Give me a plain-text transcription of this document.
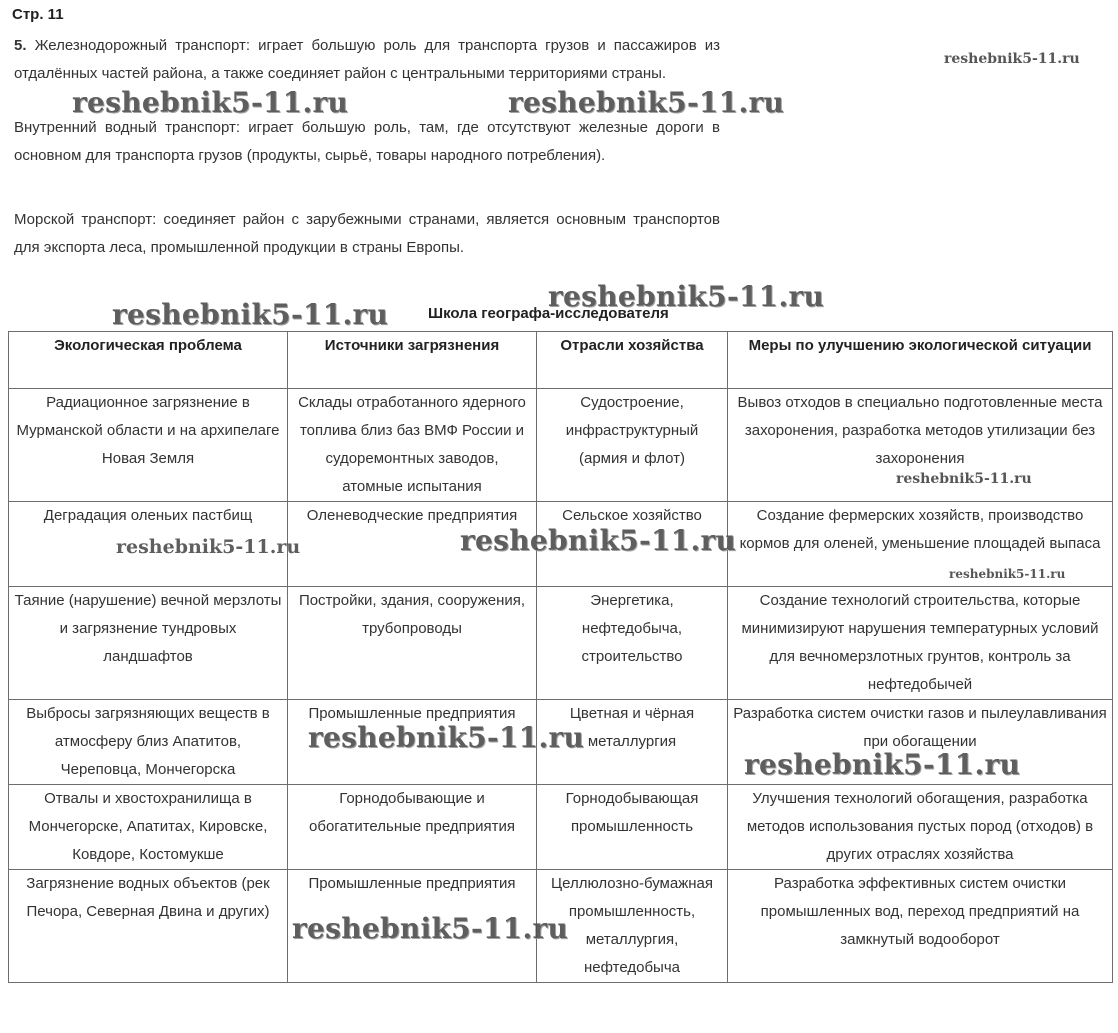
Стр. 11
5. Железнодорожный транспорт: играет большую роль для транспорта грузов и пассажиров из отдалённых частей района, а также соединяет район с центральными территориями страны.
Внутренний водный транспорт: играет большую роль, там, где отсутствуют железные дороги в основном для транспорта грузов (продукты, сырьё, товары народного потребления).
Морской транспорт: соединяет район с зарубежными странами, является основным транспортов для экспорта леса, промышленной продукции в страны Европы.
Школа географа-исследователя
Экологическая проблема	Источники загрязнения	Отрасли хозяйства	Меры по улучшению экологической ситуации
Радиационное загрязнение в Мурманской области и на архипелаге Новая Земля	Склады отработанного ядерного топлива близ баз ВМФ России и судоремонтных заводов, атомные испытания	Судостроение, инфраструктурный (армия и флот)	Вывоз отходов в специально подготовленные места захоронения, разработка методов утилизации без захоронения
Деградация оленьих пастбищ	Оленеводческие предприятия	Сельское хозяйство	Создание фермерских хозяйств, производство кормов для оленей, уменьшение площадей выпаса
Таяние (нарушение) вечной мерзлоты и загрязнение тундровых ландшафтов	Постройки, здания, сооружения, трубопроводы	Энергетика, нефтедобыча, строительство	Создание технологий строительства, которые минимизируют нарушения температурных условий для вечномерзлотных грунтов, контроль за нефтедобычей
Выбросы загрязняющих веществ в атмосферу близ Апатитов, Череповца, Мончегорска	Промышленные предприятия	Цветная и чёрная металлургия	Разработка систем очистки газов и пылеулавливания при обогащении
Отвалы и хвостохранилища в Мончегорске, Апатитах, Кировске, Ковдоре, Костомукше	Горнодобывающие и обогатительные предприятия	Горнодобывающая промышленность	Улучшения технологий обогащения, разработка методов использования пустых пород (отходов) в других отраслях хозяйства
Загрязнение водных объектов (рек Печора, Северная Двина и других)	Промышленные предприятия	Целлюлозно-бумажная промышленность, металлургия, нефтедобыча	Разработка эффективных систем очистки промышленных вод, переход предприятий на замкнутый водооборот
reshebnik5-11.ru
reshebnik5-11.ru	reshebnik5-11.ru
reshebnik5-11.ru
reshebnik5-11.ru
reshebnik5-11.ru
reshebnik5-11.ru	reshebnik5-11.ru
reshebnik5-11.ru
reshebnik5-11.ru
reshebnik5-11.ru
reshebnik5-11.ru
